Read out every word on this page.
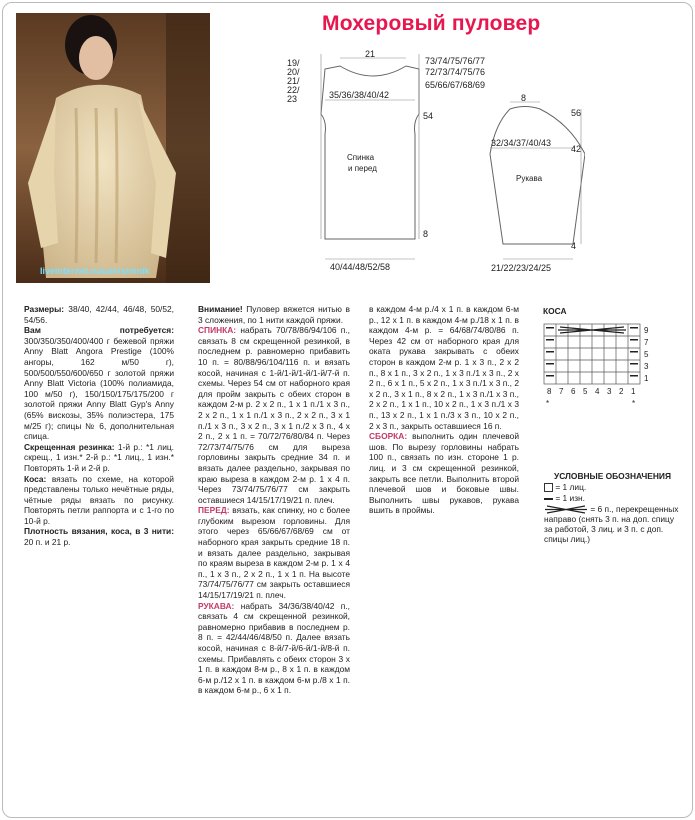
liveinternet.ru/users/mnik
Мохеровый пуловер
21
35/36/38/40/42
73/74/75/76/77
72/73/74/75/76
65/66/67/68/69
54
8
19/
20/
21/
22/
23
Спинка
и перед
40/44/48/52/58
8
32/34/37/40/43
Рукава
56
42
4
21/22/23/24/25

Размеры: 38/40, 42/44, 46/48, 50/52, 54/56.

Вам потребуется: 300/350/350/400/400 г бежевой пряжи Anny Blatt Angora Prestige (100% ангоры, 162 м/50 г), 500/500/550/600/650 г золотой пряжи Anny Blatt Victoria (100% полиамида, 100 м/50 г), 150/150/175/175/200 г золотой пряжи Anny Blatt Gyp's Anny (65% вискозы, 35% полиэстера, 175 м/25 г); спицы № 6, дополнительная спица.

Скрещенная резинка: 1-й р.: *1 лиц. скрещ., 1 изн.* 2-й р.: *1 лиц., 1 изн.* Повторять 1-й и 2-й р.

Коса: вязать по схеме, на которой представлены только нечётные ряды, чётные ряды вязать по рисунку. Повторять петли раппорта и с 1-го по 10-й р.

Плотность вязания, коса, в 3 нити: 20 п. и 21 р.

Внимание! Пуловер вяжется нитью в 3 сложения, по 1 нити каждой пряжи.

СПИНКА: набрать 70/78/86/94/106 п., связать 8 см скрещенной резинкой, в последнем р. равномерно прибавить 10 п. = 80/88/96/104/116 п. и вязать косой, начиная с 1-й/1-й/1-й/1-й/7-й п. схемы. Через 54 см от наборного края для пройм закрыть с обеих сторон в каждом 2-м р. 2 х 2 п., 1 х 1 п./1 х 3 п., 2 х 2 п., 1 х 1 п./1 х 3 п., 2 х 2 п., 3 х 1 п./1 х 3 п., 3 х 2 п., 3 х 1 п./2 х 3 п., 4 х 2 п., 2 х 1 п. = 70/72/76/80/84 п. Через 72/73/74/75/76 см для выреза горловины закрыть средние 34 п. и вязать далее раздельно, закрывая по краю выреза в каждом 2-м р. 1 х 4 п. Через 73/74/75/76/77 см закрыть оставшиеся 14/15/17/19/21 п. плеч.

ПЕРЕД: вязать, как спинку, но с более глубоким вырезом горловины. Для этого через 65/66/67/68/69 см от наборного края закрыть средние 18 п. и вязать далее раздельно, закрывая по краям выреза в каждом 2-м р. 1 х 4 п., 1 х 3 п., 2 х 2 п., 1 х 1 п. На высоте 73/74/75/76/77 см закрыть оставшиеся 14/15/17/19/21 п. плеч.

РУКАВА: набрать 34/36/38/40/42 п., связать 4 см скрещенной резинкой, равномерно прибавив в последнем р. 8 п. = 42/44/46/48/50 п. Далее вязать косой, начиная с 8-й/7-й/6-й/1-й/8-й п. схемы. Прибавлять с обеих сторон 3 х 1 п. в каждом 8-м р., 8 х 1 п. в каждом 6-м р./12 х 1 п. в каждом 6-м р./8 х 1 п. в каждом 6-м р., 6 х 1 п.

в каждом 4-м р./4 х 1 п. в каждом 6-м р., 12 х 1 п. в каждом 4-м р./18 х 1 п. в каждом 4-м р. = 64/68/74/80/86 п. Через 42 см от наборного края для оката рукава закрывать с обеих сторон в каждом 2-м р. 1 х 3 п., 2 х 2 п., 8 х 1 п., 3 х 2 п., 1 х 3 п./1 х 3 п., 2 х 2 п., 6 х 1 п., 5 х 2 п., 1 х 3 п./1 х 3 п., 2 х 2 п., 3 х 1 п., 8 х 2 п., 1 х 3 п./1 х 3 п., 2 х 2 п., 1 х 1 п., 10 х 2 п., 1 х 3 п./1 х 3 п., 13 х 2 п., 1 х 1 п./3 х 3 п., 10 х 2 п., 2 х 3 п., закрыть оставшиеся 16 п.

СБОРКА: выполнить один плечевой шов. По вырезу горловины набрать 100 п., связать по изн. стороне 1 р. лиц. и 3 см скрещенной резинкой, закрыть все петли. Выполнить второй плечевой шов и боковые швы. Выполнить швы рукавов, рукава вшить в проймы.

КОСА
9
7
5
3
1
8 7 6 5 4 3 2 1
*	*
УСЛОВНЫЕ ОБОЗНАЧЕНИЯ
= 1 лиц.
= 1 изн.
= 6 п., перекрещенных направо (снять 3 п. на доп. спицу за работой, 3 лиц. и 3 п. с доп. спицы лиц.)
